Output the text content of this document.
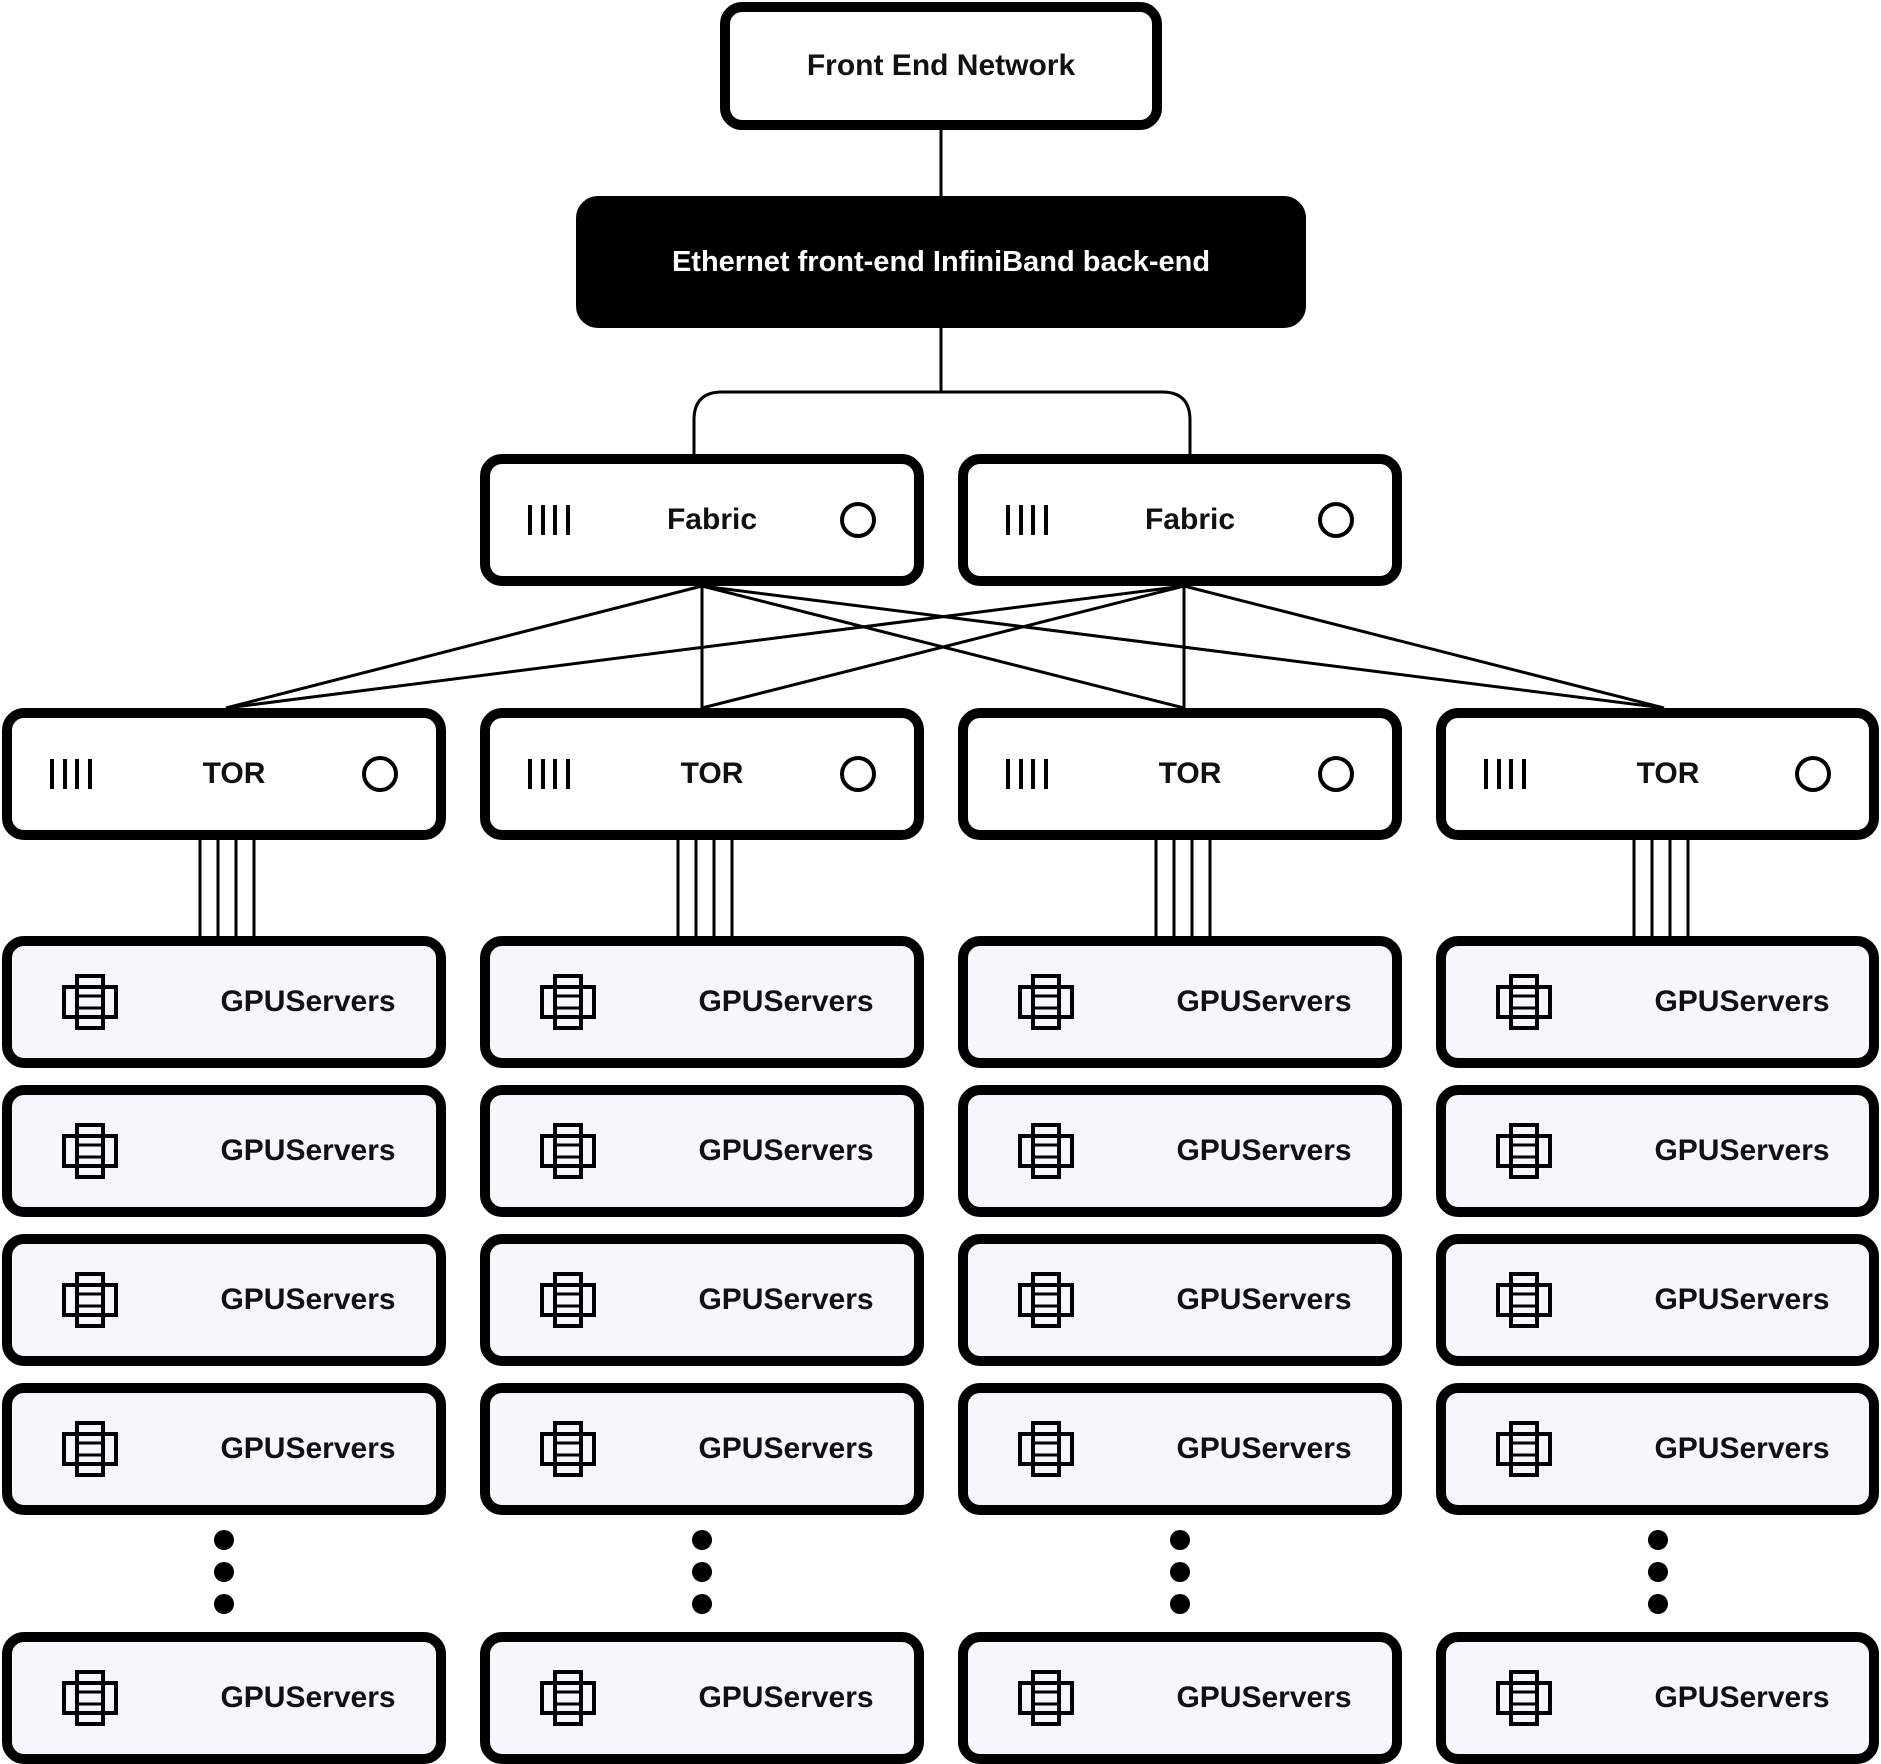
Front End Network
Ethernet front-end InfiniBand back-end
Fabric	Fabric
TOR	TOR	TOR	TOR
GPUServers
GPUServers
GPUServers
GPUServers
GPUServers
GPUServers
GPUServers
GPUServers
GPUServers
GPUServers
GPUServers
GPUServers
GPUServers
GPUServers
GPUServers
GPUServers
GPUServers
GPUServers
GPUServers
GPUServers
